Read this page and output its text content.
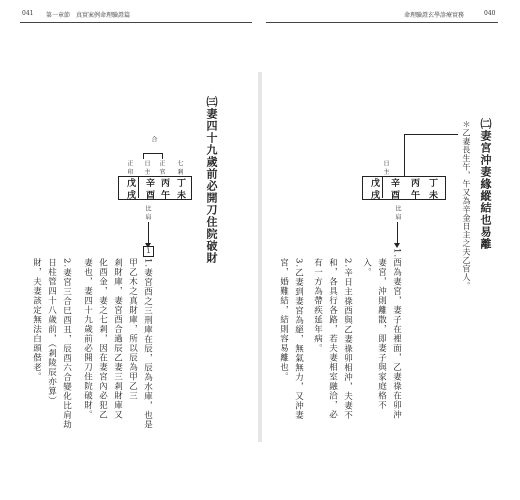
041 第一章節　真實案例命理驗證篇	命理驗證玄學診療實務	040
㈢妻四十九歲前必開刀住院破財
合
七 剎
正 官
日 主
正 印
丁 未
丙 午
辛 酉
戊 戌
比 肩
1
1.妻宮酉之三刑庫在辰，辰為水庫，也是
甲乙木之真財庫，所以辰為甲乙三
剎財庫，妻宮酉合過辰乙妻三剎財庫又
化酉金，妻之七剎，因在妻宮內必犯乙
妻也，妻四十九歲前必開刀住院破財。
2.妻宮三合巳酉丑，辰酉六合變化比肩劫
日柱管四十八歲前，（剎陵辰亦算）
財，夫妻該定無法白頭偕老。
㈡妻宮沖妻緣縱結也易離
＊乙妻長生午，午又為辛金日主之夫乙官人。
日 主
丁 未
丙 午
辛 酉
戊 戌
比 肩
1.酉為妻宮，妻子在裡面，乙妻祿在卯沖
妻宮，沖則離散，即妻子與家庭格不
入。
2.辛日主祿酉與乙妻祿卯相沖，夫妻不
和，各具行各路，若夫妻相室融洽，必
有一方為帶疾延年病。
3.乙妻到妻宮為絕，無氣無力，又沖妻
宮，婚難結，結則容易離也。
